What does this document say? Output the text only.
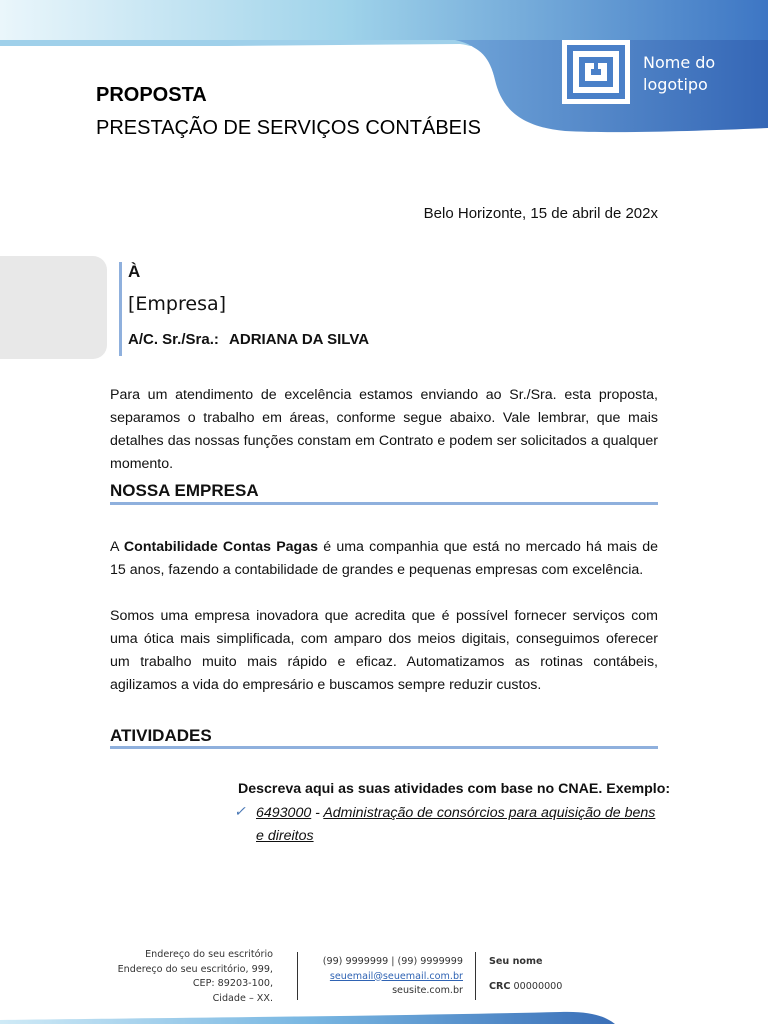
Nome do
logotipo
PROPOSTA
PRESTAÇÃO DE SERVIÇOS CONTÁBEIS
Belo Horizonte, 15 de abril de 202x
À
[Empresa]
A/C. Sr./Sra.: ADRIANA DA SILVA
Para um atendimento de excelência estamos enviando ao Sr./Sra. esta proposta, separamos o trabalho em áreas, conforme segue abaixo. Vale lembrar, que mais detalhes das nossas funções constam em Contrato e podem ser solicitados a qualquer momento.
NOSSA EMPRESA
A Contabilidade Contas Pagas é uma companhia que está no mercado há mais de 15 anos, fazendo a contabilidade de grandes e pequenas empresas com excelência.
Somos uma empresa inovadora que acredita que é possível fornecer serviços com uma ótica mais simplificada, com amparo dos meios digitais, conseguimos oferecer um trabalho muito mais rápido e eficaz. Automatizamos as rotinas contábeis, agilizamos a vida do empresário e buscamos sempre reduzir custos.
ATIVIDADES
Descreva aqui as suas atividades com base no CNAE. Exemplo:
✓ 6493000 - Administração de consórcios para aquisição de bens e direitos
Endereço do seu escritório
Endereço do seu escritório, 999,
CEP: 89203-100,
Cidade – XX.
(99) 9999999 | (99) 9999999
seuemail@seuemail.com.br
seusite.com.br
Seu nome
CRC 00000000
